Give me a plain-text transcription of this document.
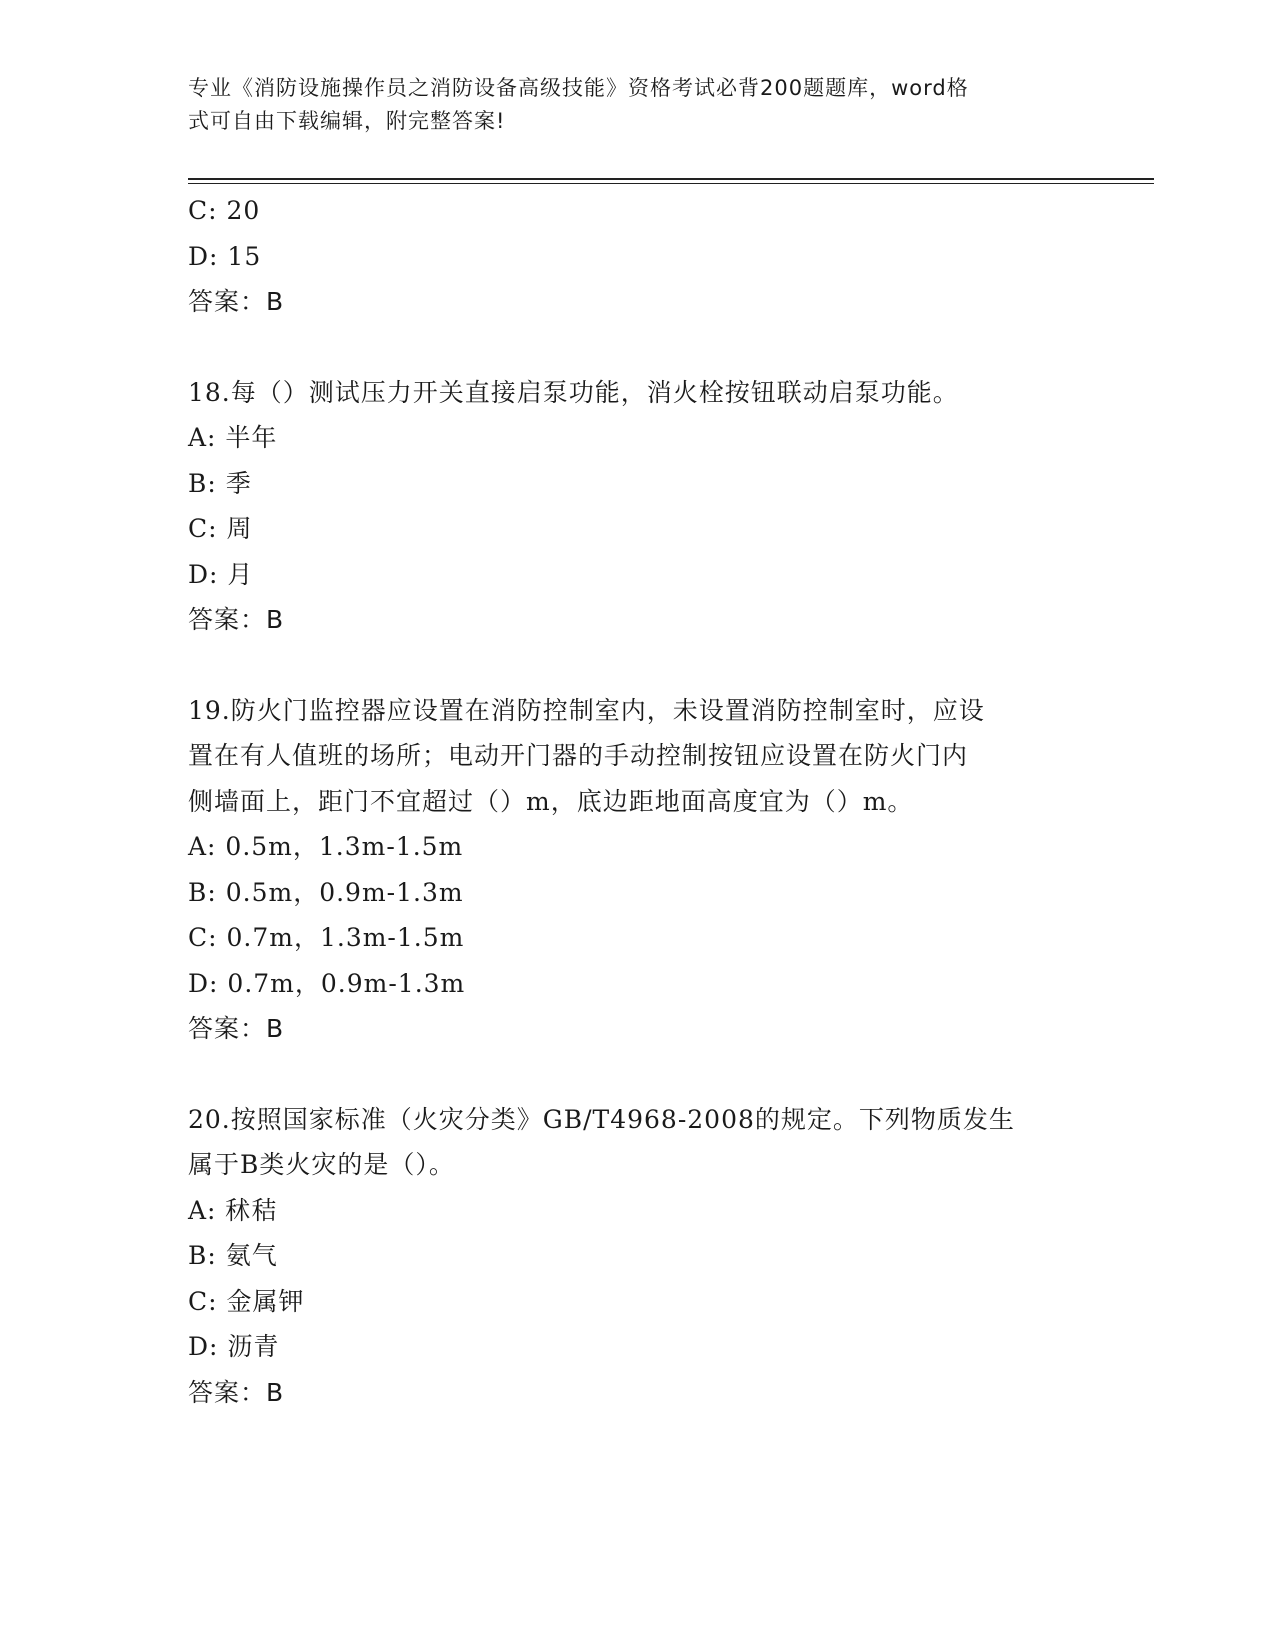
专业《消防设施操作员之消防设备高级技能》资格考试必背200题题库，word格
式可自由下载编辑，附完整答案!
C: 20
D: 15
答案：B
18.每（）测试压力开关直接启泵功能，消火栓按钮联动启泵功能。
A: 半年
B: 季
C: 周
D: 月
答案：B
19.防火门监控器应设置在消防控制室内，未设置消防控制室时，应设
置在有人值班的场所；电动开门器的手动控制按钮应设置在防火门内
侧墙面上，距门不宜超过（）m，底边距地面高度宜为（）m。
A: 0.5m，1.3m-1.5m
B: 0.5m，0.9m-1.3m
C: 0.7m，1.3m-1.5m
D: 0.7m，0.9m-1.3m
答案：B
20.按照国家标准（火灾分类》GB/T4968-2008的规定。下列物质发生
属于B类火灾的是（）。
A: 秫秸
B: 氨气
C: 金属钾
D: 沥青
答案：B
